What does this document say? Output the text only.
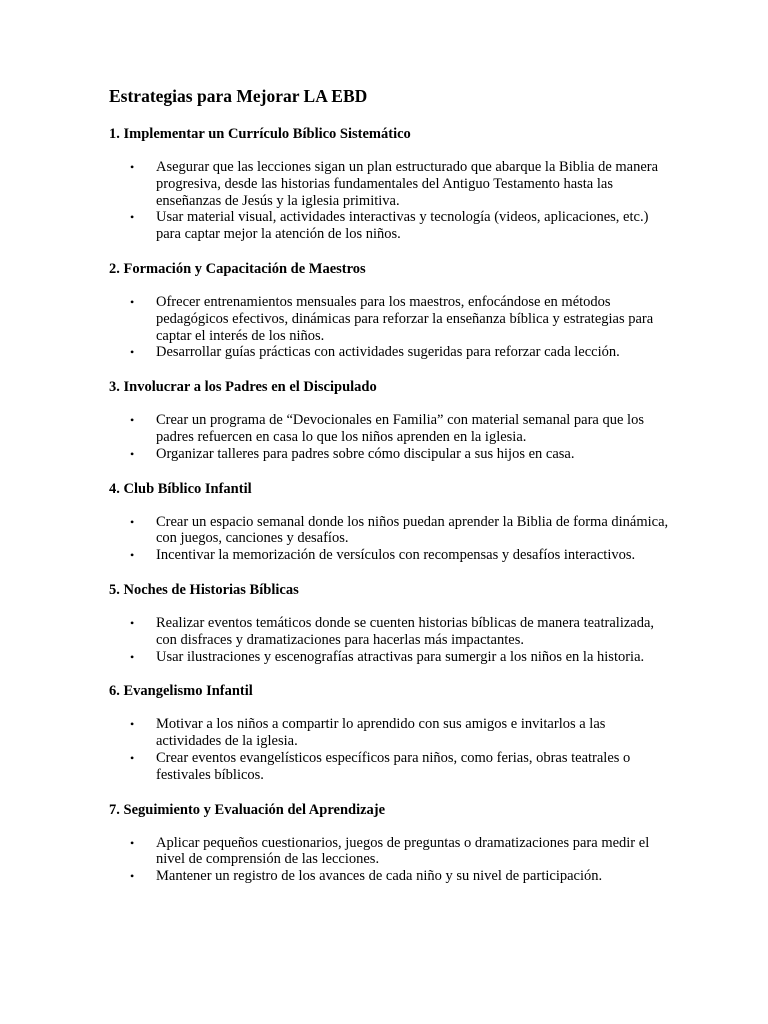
Estrategias para Mejorar LA EBD
1. Implementar un Currículo Bíblico Sistemático
• Asegurar que las lecciones sigan un plan estructurado que abarque la Biblia de manera progresiva, desde las historias fundamentales del Antiguo Testamento hasta las enseñanzas de Jesús y la iglesia primitiva.
• Usar material visual, actividades interactivas y tecnología (videos, aplicaciones, etc.) para captar mejor la atención de los niños.
2. Formación y Capacitación de Maestros
• Ofrecer entrenamientos mensuales para los maestros, enfocándose en métodos pedagógicos efectivos, dinámicas para reforzar la enseñanza bíblica y estrategias para captar el interés de los niños.
• Desarrollar guías prácticas con actividades sugeridas para reforzar cada lección.
3. Involucrar a los Padres en el Discipulado
• Crear un programa de “Devocionales en Familia” con material semanal para que los padres refuercen en casa lo que los niños aprenden en la iglesia.
• Organizar talleres para padres sobre cómo discipular a sus hijos en casa.
4. Club Bíblico Infantil
• Crear un espacio semanal donde los niños puedan aprender la Biblia de forma dinámica, con juegos, canciones y desafíos.
• Incentivar la memorización de versículos con recompensas y desafíos interactivos.
5. Noches de Historias Bíblicas
• Realizar eventos temáticos donde se cuenten historias bíblicas de manera teatralizada, con disfraces y dramatizaciones para hacerlas más impactantes.
• Usar ilustraciones y escenografías atractivas para sumergir a los niños en la historia.
6. Evangelismo Infantil
• Motivar a los niños a compartir lo aprendido con sus amigos e invitarlos a las actividades de la iglesia.
• Crear eventos evangelísticos específicos para niños, como ferias, obras teatrales o festivales bíblicos.
7. Seguimiento y Evaluación del Aprendizaje
• Aplicar pequeños cuestionarios, juegos de preguntas o dramatizaciones para medir el nivel de comprensión de las lecciones.
• Mantener un registro de los avances de cada niño y su nivel de participación.
